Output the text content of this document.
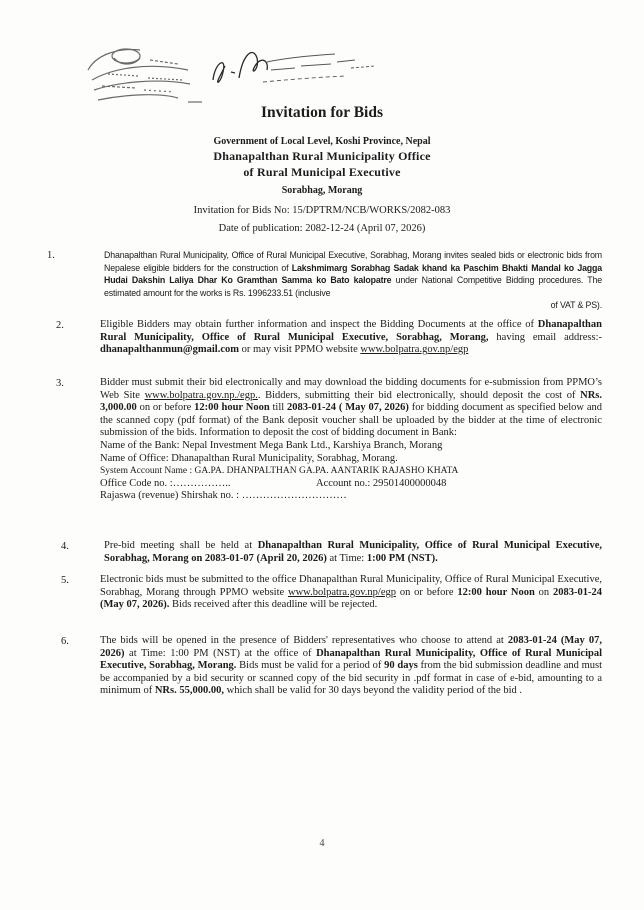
Invitation for Bids
Government of Local Level, Koshi Province, Nepal
Dhanapalthan Rural Municipality Office
of Rural Municipal Executive
Sorabhag, Morang
Invitation for Bids No: 15/DPTRM/NCB/WORKS/2082-083
Date of publication: 2082-12-24 (April 07, 2026)
1.	Dhanapalthan Rural Municipality, Office of Rural Municipal Executive, Sorabhag, Morang invites sealed bids or electronic bids from Nepalese eligible bidders for the construction of Lakshmimarg Sorabhag Sadak khand ka Paschim Bhakti Mandal ko Jagga Hudai Dakshin Laliya Dhar Ko Gramthan Samma ko Bato kalopatre under National Competitive Bidding procedures. The estimated amount for the works is Rs. 1996233.51 (inclusive
of VAT & PS).
2.	Eligible Bidders may obtain further information and inspect the Bidding Documents at the office of Dhanapalthan Rural Municipality, Office of Rural Municipal Executive, Sorabhag, Morang, having email address:- dhanapalthanmun@gmail.com or may visit PPMO website www.bolpatra.gov.np/egp
3.	Bidder must submit their bid electronically and may download the bidding documents for e-submission from PPMO’s Web Site www.bolpatra.gov.np./egp.. Bidders, submitting their bid electronically, should deposit the cost of NRs. 3,000.00 on or before 12:00 hour Noon till 2083-01-24 ( May 07, 2026) for bidding document as specified below and the scanned copy (pdf format) of the Bank deposit voucher shall be uploaded by the bidder at the time of electronic submission of the bids. Information to deposit the cost of bidding document in Bank:
Name of the Bank: Nepal Investment Mega Bank Ltd., Karshiya Branch, Morang
Name of Office: Dhanapalthan Rural Municipality, Sorabhag, Morang.
System Account Name : GA.PA. DHANPALTHAN GA.PA. AANTARIK RAJASHO KHATA
Office Code no. :……………..	Account no.: 29501400000048
Rajaswa (revenue) Shirshak no. : …………………………
4.	Pre-bid meeting shall be held at Dhanapalthan Rural Municipality, Office of Rural Municipal Executive, Sorabhag, Morang on 2083-01-07 (April 20, 2026) at Time: 1:00 PM (NST).
5.	Electronic bids must be submitted to the office Dhanapalthan Rural Municipality, Office of Rural Municipal Executive, Sorabhag, Morang through PPMO website www.bolpatra.gov.np/egp on or before 12:00 hour Noon on 2083-01-24 (May 07, 2026). Bids received after this deadline will be rejected.
6.	The bids will be opened in the presence of Bidders' representatives who choose to attend at 2083-01-24 (May 07, 2026) at Time: 1:00 PM (NST) at the office of Dhanapalthan Rural Municipality, Office of Rural Municipal Executive, Sorabhag, Morang. Bids must be valid for a period of 90 days from the bid submission deadline and must be accompanied by a bid security or scanned copy of the bid security in .pdf format in case of e-bid, amounting to a minimum of NRs. 55,000.00, which shall be valid for 30 days beyond the validity period of the bid .
4
